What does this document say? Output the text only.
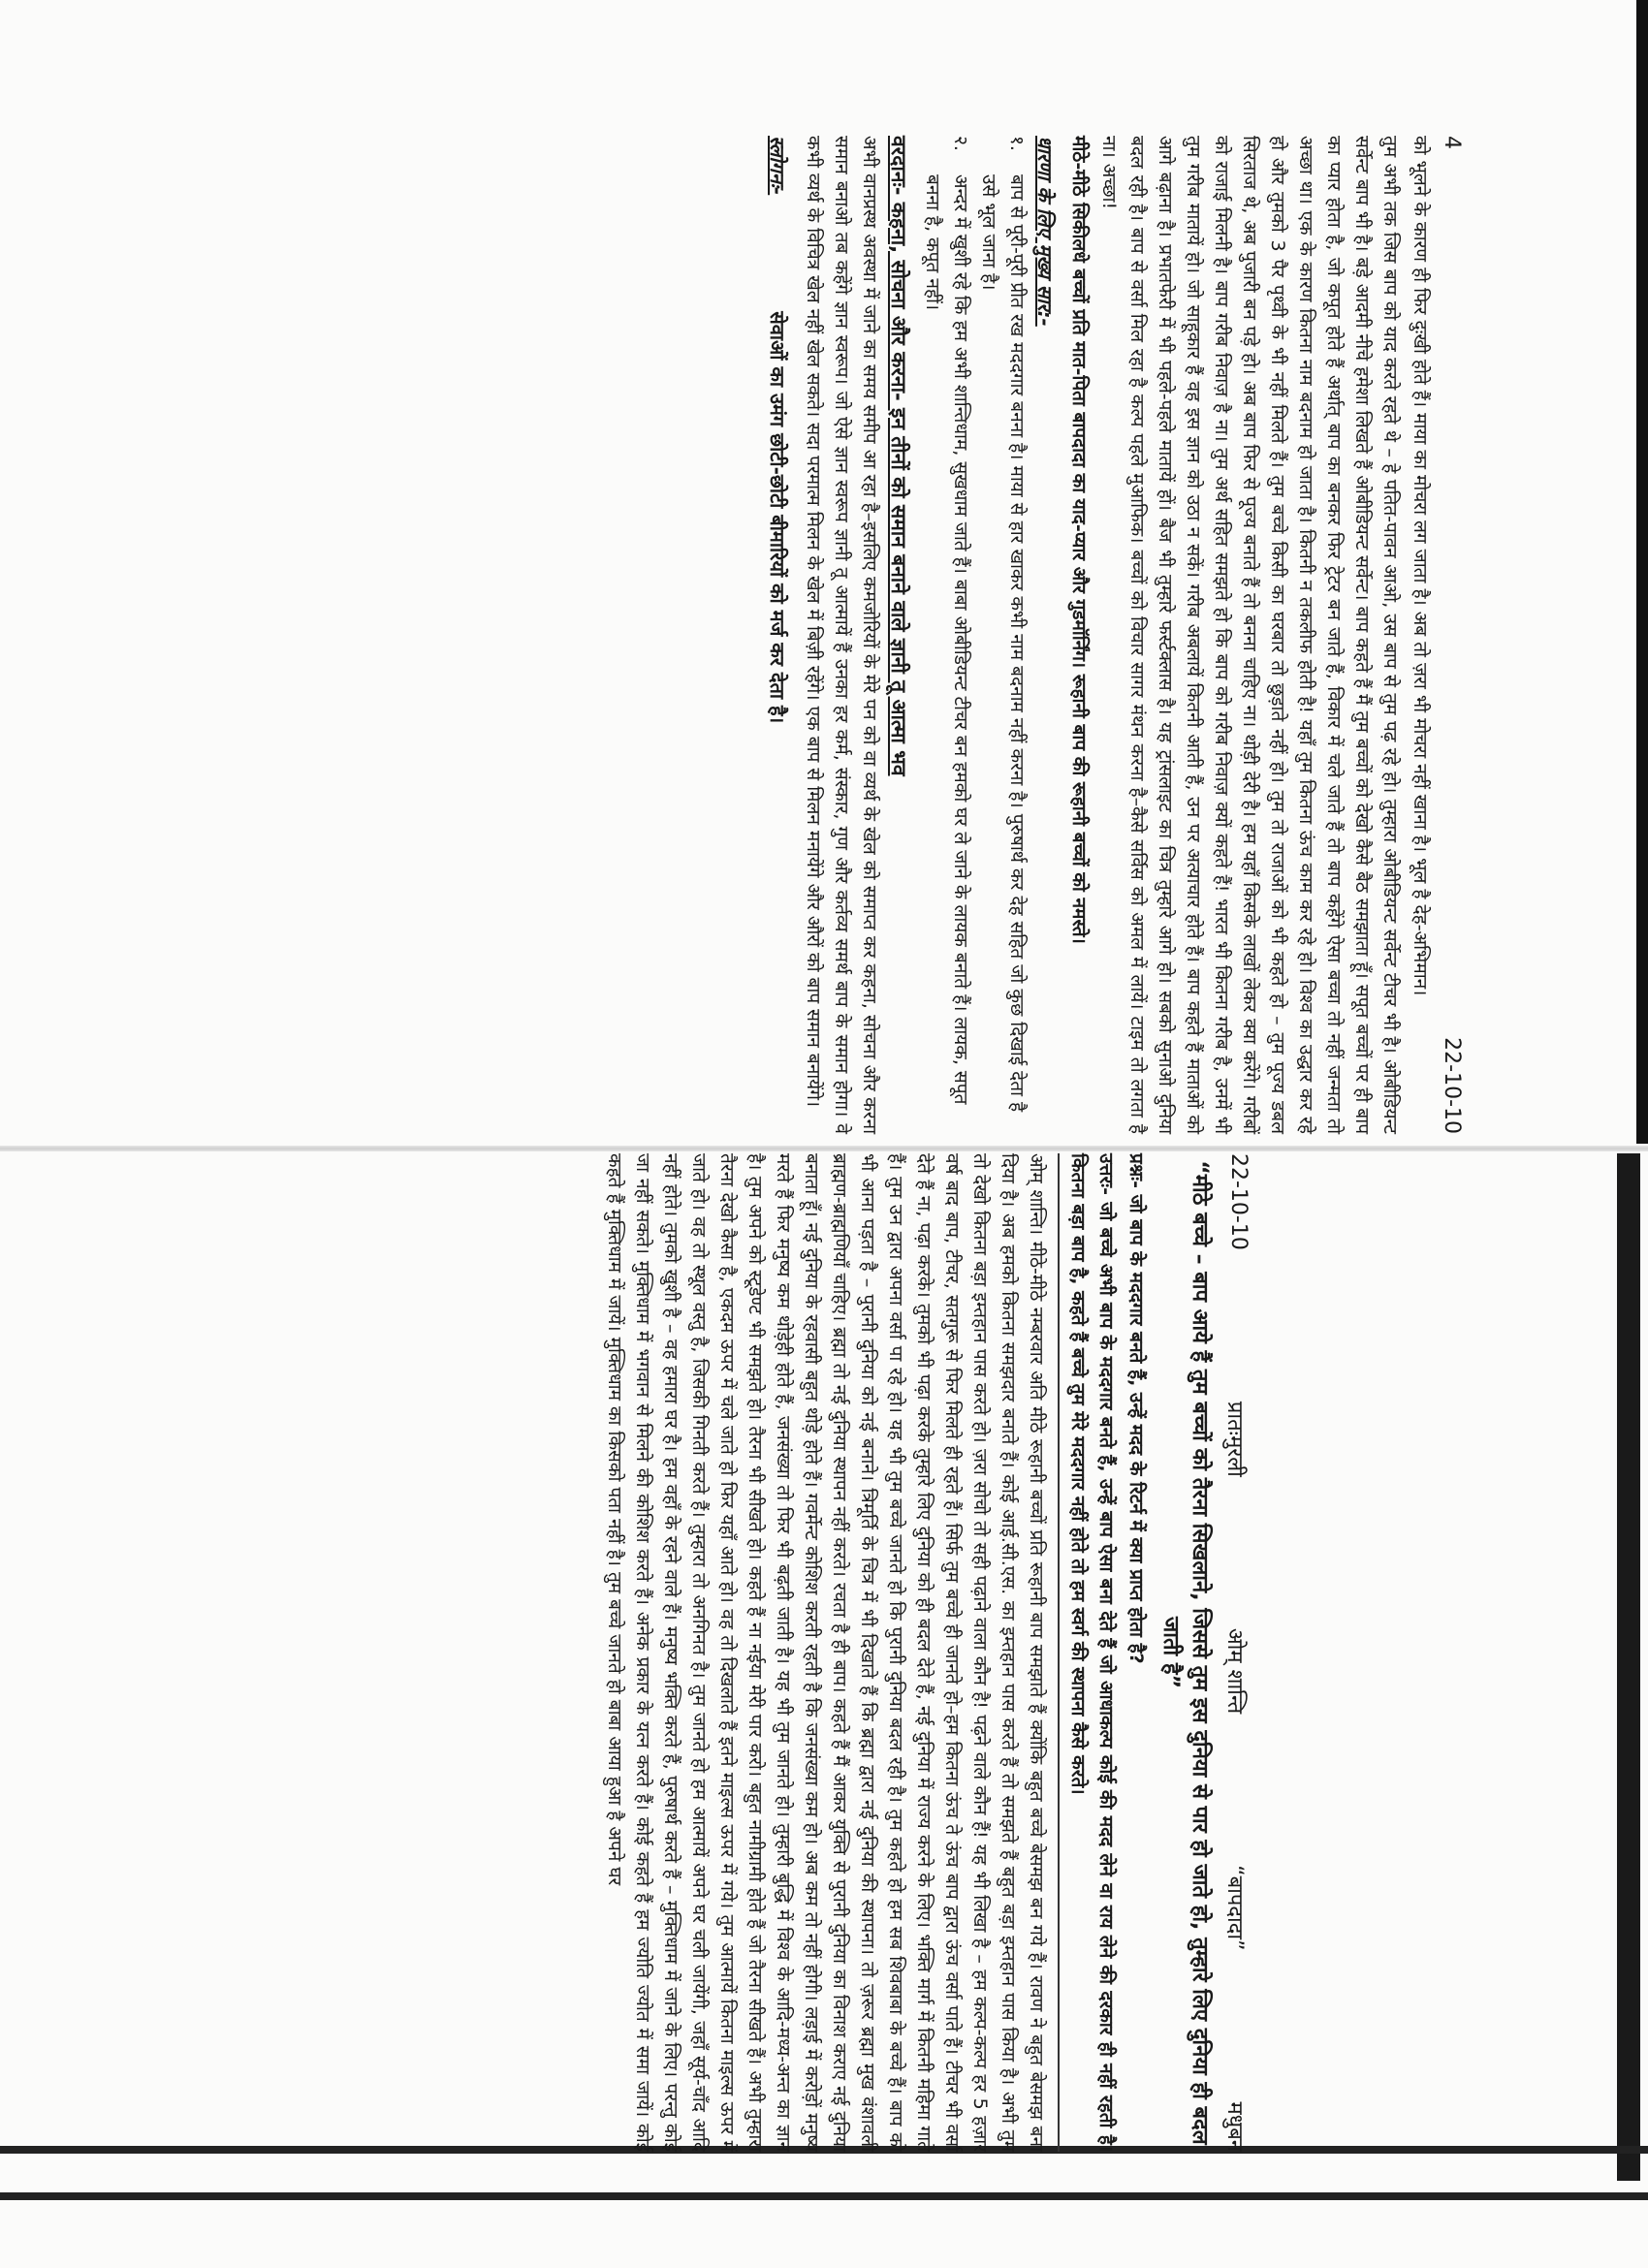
4
22-10-10

को भूलने के कारण ही फिर दुःखी होते हैं। माया का मोचरा लग जाता है। अब तो ज़रा भी मोचरा नहीं खाना है। भूल है देह-अभिमान।

तुम अभी तक जिस बाप को याद करते रहते थे – हे पतित-पावन आओ, उस बाप से तुम पढ़ रहे हो। तुम्हारा ओबीडियन्ट सर्वेन्ट टीचर भी है। ओबीडियन्ट सर्वेन्ट बाप भी है। बड़े आदमी नीचे हमेशा लिखते हैं ओबीडियन्ट सर्वेन्ट। बाप कहते हैं मैं तुम बच्चों को देखो कैसे बैठ समझाता हूँ। सपूत बच्चों पर ही बाप का प्यार होता है, जो कपूत होते हैं अर्थात् बाप का बनकर फिर ट्रेटर बन जाते हैं, विकार में चले जाते हैं तो बाप कहेंगे ऐसा बच्चा तो नहीं जन्मता तो अच्छा था। एक के कारण कितना नाम बदनाम हो जाता है। कितनी न तकलीफ होती है! यहाँ तुम कितना ऊंच काम कर रहे हो। विश्व का उद्धार कर रहे हो और तुमको 3 पैर पृथ्वी के भी नहीं मिलते हैं। तुम बच्चे किसी का घरबार तो छुड़ाते नहीं हो। तुम तो राजाओं को भी कहते हो – तुम पूज्य डबल सिरताज थे, अब पुजारी बन पड़े हो। अब बाप फिर से पूज्य बनाते हैं तो बनना चाहिए ना। थोड़ी देरी है। हम यहाँ किसके लाखों लेकर क्या करेंगे। गरीबों को राजाई मिलनी है। बाप गरीब निवाज़ है ना। तुम अर्थ सहित समझते हो कि बाप को गरीब निवाज़ क्यों कहते हैं! भारत भी कितना गरीब है, उनमें भी तुम गरीब मातायें हो। जो साहूकार हैं वह इस ज्ञान को उठा न सकें। गरीब अबलायें कितनी आती हैं, उन पर अत्याचार होते हैं। बाप कहते हैं माताओं को आगे बढ़ाना है। प्रभातफेरी में भी पहले-पहले मातायें हों। बैज भी तुम्हारे फर्स्टक्लास है। यह ट्रांसलाइट का चित्र तुम्हारे आगे हो। सबको सुनाओ दुनिया बदल रही है। बाप से वर्सा मिल रहा है कल्प पहले मुआफिक। बच्चों को विचार सागर मंथन करना है–कैसे सर्विस को अमल में लायें। टाइम तो लगता है ना। अच्छा!

मीठे-मीठे सिकीलधे बच्चों प्रति मात-पिता बापदादा का याद-प्यार और गुडमॉर्निंग। रूहानी बाप की रूहानी बच्चों को नमस्ते।

धारणा के लिए मुख्य सार:-
१.
बाप से पूरी-पूरी प्रीत रख मददगार बनना है। माया से हार खाकर कभी नाम बदनाम नहीं करना है। पुरुषार्थ कर देह सहित जो कुछ दिखाई देता है उसे भूल जाना है।
२.
अन्दर में खुशी रहे कि हम अभी शान्तिधाम, सुखधाम जाते हैं। बाबा ओबीडियन्ट टीचर बन हमको घर ले जाने के लायक बनाते हैं। लायक, सपूत बनना है, कपूत नहीं।
वरदानः- कहना, सोचना और करना- इन तीनों को समान बनाने वाले ज्ञानी तू आत्मा भव

अभी वानप्रस्थ अवस्था में जाने का समय समीप आ रहा है–इसलिए कमजोरियों के मेरे पन को वा व्यर्थ के खेल को समाप्त कर कहना, सोचना और करना समान बनाओ तब कहेंगे ज्ञान स्वरूप। जो ऐसे ज्ञान स्वरूप ज्ञानी तू आत्मायें हैं उनका हर कर्म, संस्कार, गुण और कर्तव्य समर्थ बाप के समान होगा। वे कभी व्यर्थ के विचित्र खेल नहीं खेल सकते। सदा परमात्म मिलन के खेल में बिज़ी रहेंगे। एक बाप से मिलन मनायेंगे और औरों को बाप समान बनायेंगे।

स्लोगनः-
सेवाओं का उमंग छोटी-छोटी बीमारियों को मर्ज कर देता है।
22-10-10
प्रातःमुरली
ओम् शान्ति
“बापदादा”
मधुबन
“मीठे बच्चे – बाप आये हैं तुम बच्चों को तैरना सिखलाने, जिससे तुम इस दुनिया से पार हो जाते हो, तुम्हारे लिए दुनिया ही बदल जाती है”

प्रश्नः- जो बाप के मददगार बनते हैं, उन्हें मदद के रिटर्न में क्या प्राप्त होता है?

उत्तरः- जो बच्चे अभी बाप के मददगार बनते हैं, उन्हें बाप ऐसा बना देते हैं जो आधाकल्प कोई की मदद लेने वा राय लेने की दरकार ही नहीं रहती है। कितना बड़ा बाप है, कहते हैं बच्चे तुम मेरे मददगार नहीं होते तो हम स्वर्ग की स्थापना कैसे करते।

ओम् शान्ति। मीठे-मीठे नम्बरवार अति मीठे रूहानी बच्चों प्रति रूहानी बाप समझाते हैं क्योंकि बहुत बच्चे बेसमझ बन गये हैं। रावण ने बहुत बेसमझ बना दिया है। अब हमको कितना समझदार बनाते हैं। कोई आई.सी.एस. का इम्तहान पास करते हैं तो समझते हैं बहुत बड़ा इम्तहान पास किया है। अभी तुम तो देखो कितना बड़ा इम्तहान पास करते हो। ज़रा सोचो तो सही पढ़ाने वाला कौन है! पढ़ने वाले कौन हैं! यह भी लिखा है – हम कल्प-कल्प हर 5 हज़ार वर्ष बाद बाप, टीचर, सतगुरू से फिर मिलते ही रहते हैं। सिर्फ तुम बच्चे ही जानते हो–हम कितना ऊंच ते ऊंच बाप द्वारा ऊंच वर्सा पाते हैं। टीचर भी वर्सा देते हैं ना, पढ़ा करके। तुमको भी पढ़ा करके तुम्हारे लिए दुनिया को ही बदल देते हैं, नई दुनिया में राज्य करने के लिए। भक्ति मार्ग में कितनी महिमा गाते हैं। तुम उन द्वारा अपना वर्सा पा रहे हो। यह भी तुम बच्चे जानते हो कि पुरानी दुनिया बदल रही है। तुम कहते हो हम सब शिवबाबा के बच्चे हैं। बाप को भी आना पड़ता है – पुरानी दुनिया को नई बनाने। त्रिमूर्ति के चित्र में भी दिखाते हैं कि ब्रह्मा द्वारा नई दुनिया की स्थापना। तो ज़रूर ब्रह्मा मुख वंशावली ब्राह्मण-ब्राह्मणियाँ चाहिए। ब्रह्मा तो नई दुनिया स्थापन नहीं करते। रचता है ही बाप। कहते हैं मैं आकर युक्ति से पुरानी दुनिया का विनाश कराए नई दुनिया बनाता हूँ। नई दुनिया के रहवासी बहुत थोड़े होते हैं। गवर्मेन्ट कोशिश करती रहती है कि जनसंख्या कम हो। अब कम तो नहीं होगी। लड़ाई में करोड़ों मनुष्य मरते हैं फिर मनुष्य कम थोड़ेही होते हैं, जनसंख्या तो फिर भी बढ़ती जाती है। यह भी तुम जानते हो। तुम्हारी बुद्धि में विश्व के आदि-मध्य-अन्त का ज्ञान है। तुम अपने को स्टूडेण्ट भी समझते हो। तैरना भी सीखते हो। कहते हैं ना नईया मेरी पार करो। बहुत नामीग्रामी होते हैं जो तैरना सीखते हैं। अभी तुम्हारा तैरना देखो कैसा है, एकदम ऊपर में चले जाते हो फिर यहाँ आते हो। वह तो दिखलाते हैं इतने माइल्स ऊपर में गये। तुम आत्मायें कितना माइल्स ऊपर में जाते हो। वह तो स्थूल वस्तु है, जिसकी गिनती करते हैं। तुम्हारा तो अनगिनत है। तुम जानते हो हम आत्मायें अपने घर चली जायेंगी, जहाँ सूर्य-चाँद आदि नहीं होते। तुमको खुशी है – वह हमारा घर है। हम वहाँ के रहने वाले हैं। मनुष्य भक्ति करते हैं, पुरुषार्थ करते हैं – मुक्तिधाम में जाने के लिए। परन्तु कोई जा नहीं सकते। मुक्तिधाम में भगवान से मिलने की कोशिश करते हैं। अनेक प्रकार के यत्न करते हैं। कोई कहते हैं हम ज्योति ज्योत में समा जायें। कोई कहते हैं मुक्तिधाम में जायें। मुक्तिधाम का किसको पता नहीं है। तुम बच्चे जानते हो बाबा आया हुआ है अपने घर
